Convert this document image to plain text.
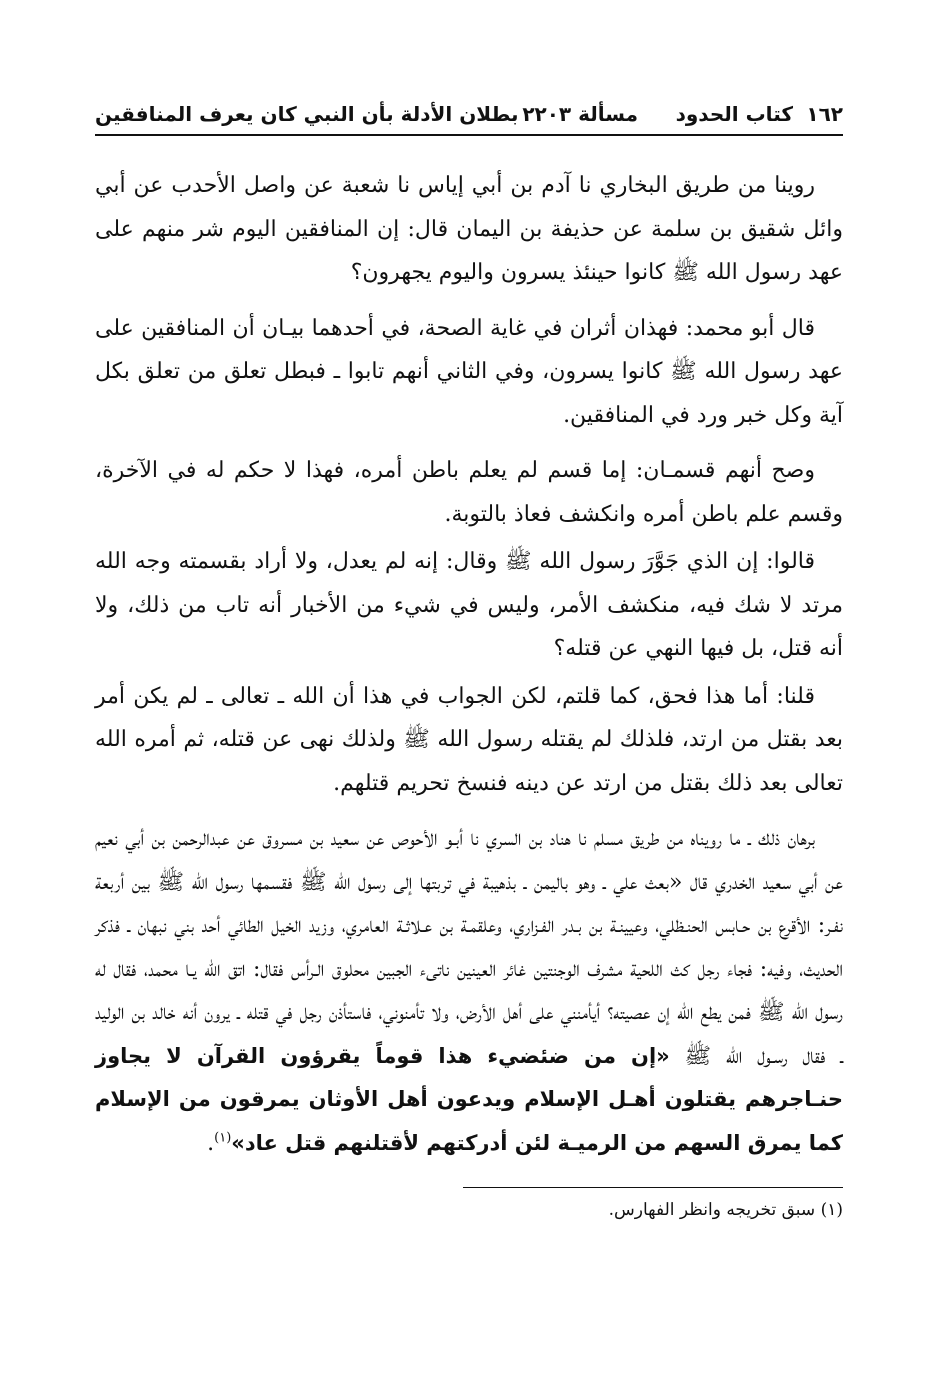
١٦٢
كتاب الحدود
مسألة ٢٢٠٣
بطلان الأدلة بأن النبي كان يعرف المنافقين

روينا من طريق البخاري نا آدم بن أبي إياس نا شعبة عن واصل الأحدب عن أبي وائل شقيق بن سلمة عن حذيفة بن اليمان قال: إن المنافقين اليوم شر منهم على عهد رسول الله ﷺ كانوا حينئذ يسرون واليوم يجهرون؟

قال أبو محمد: فهذان أثران في غاية الصحة، في أحدهما بيـان أن المنافقين على عهد رسول الله ﷺ كانوا يسرون، وفي الثاني أنهم تابوا ـ فبطل تعلق من تعلق بكل آية وكل خبر ورد في المنافقين.

وصح أنهم قسمـان: إما قسم لم يعلم باطن أمره، فهذا لا حكم له في الآخرة، وقسم علم باطن أمره وانكشف فعاذ بالتوبة.

قالوا: إن الذي جَوَّرَ رسول الله ﷺ وقال: إنه لم يعدل، ولا أراد بقسمته وجه الله مرتد لا شك فيه، منكشف الأمر، وليس في شيء من الأخبار أنه تاب من ذلك، ولا أنه قتل، بل فيها النهي عن قتله؟

قلنا: أما هذا فحق، كما قلتم، لكن الجواب في هذا أن الله ـ تعالى ـ لم يكن أمر بعد بقتل من ارتد، فلذلك لم يقتله رسول الله ﷺ ولذلك نهى عن قتله، ثم أمره الله تعالى بعد ذلك بقتل من ارتد عن دينه فنسخ تحريم قتلهم.

برهان ذلك ـ ما رويناه من طريق مسلم نا هناد بن السري نا أبـو الأحوص عن سعيد بن مسروق عن عبدالرحمن بن أبي نعيم عن أبي سعيد الخدري قال «بعث علي ـ وهو باليمن ـ بذهيبة في تربتها إلى رسول الله ﷺ فقسمها رسول الله ﷺ بين أربعة نفـر: الأقرع بن حـابس الحنـظلي، وعيينـة بن بـدر الفـزاري، وعلقمـة بن عـلاثـة العامري، وزيد الخيل الطائي أحد بني نبهان ـ فذكر الحديث، وفيه: فجاء رجل كث اللحية مشرف الوجنتين غائر العينين ناتىء الجبين محلوق الـرأس فقال: اتق الله يـا محمد، فقال له رسول الله ﷺ فمن يطع الله إن عصيته؟ أيأمنني على أهل الأرض، ولا تأمنوني، فاستأذن رجل في قتله ـ يرون أنه خالد بن الوليد ـ فقال رسـول الله ﷺ «إن من ضئضيء هذا قوماً يقرؤون القرآن لا يجاوز حنـاجرهم يقتلون أهـل الإسلام ويدعون أهل الأوثان يمرقون من الإسلام كما يمرق السهم من الرميـة لئن أدركتهم لأقتلنهم قتل عاد»$^{(١)}$.

(١) سبق تخريجه وانظر الفهارس.
